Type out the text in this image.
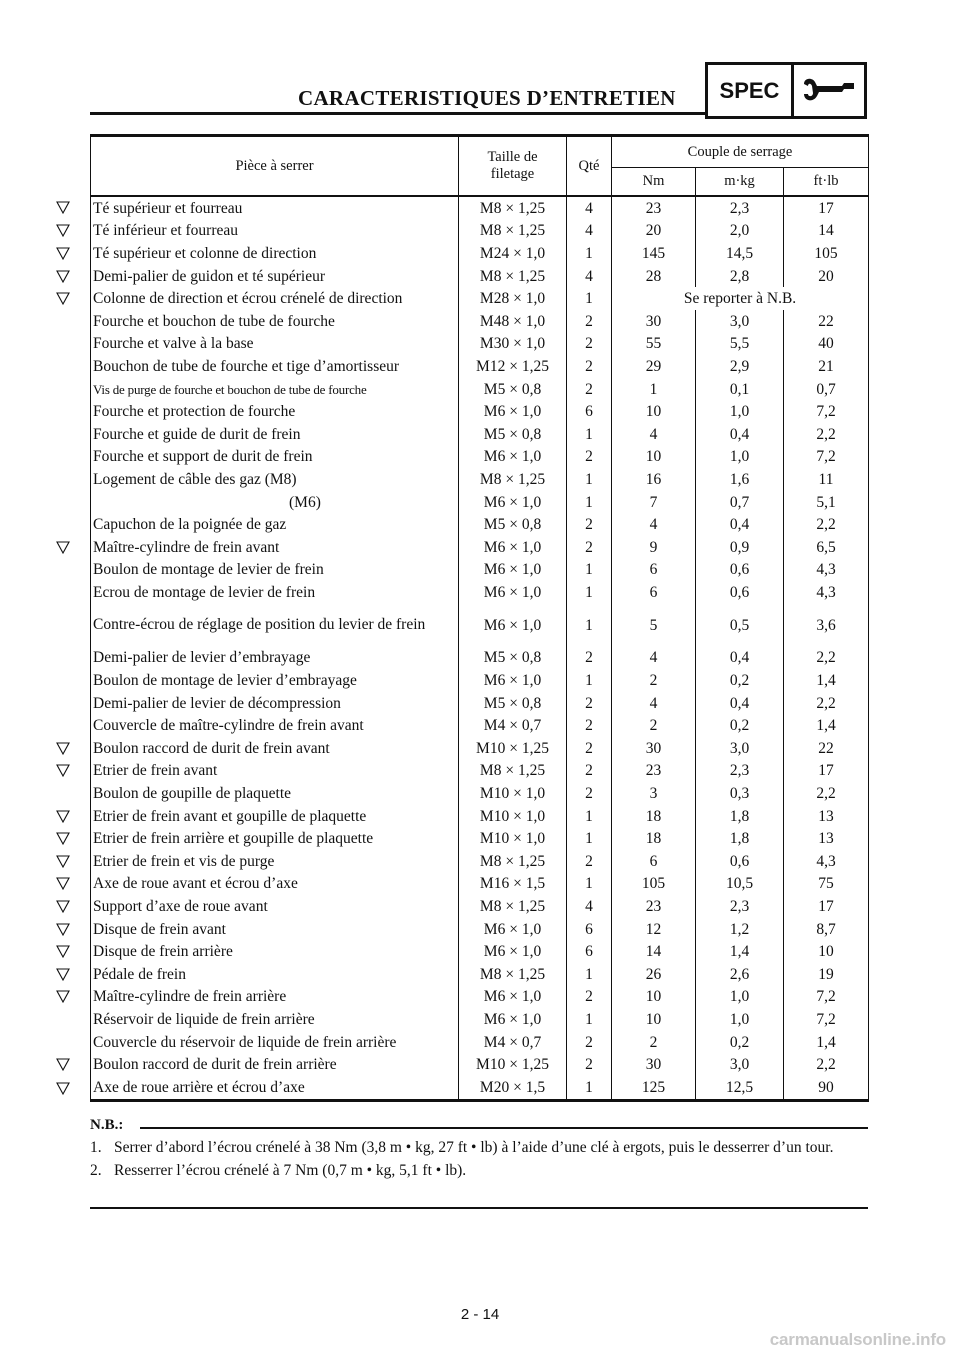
CARACTERISTIQUES D’ENTRETIEN	SPEC
Pièce à serrer	Taille de filetage	Qté	Couple de serrage		
			Nm	m·kg	ft·lb
Té supérieur et fourreau	M8 × 1,25	4	23	2,3	17
Té inférieur et fourreau	M8 × 1,25	4	20	2,0	14
Té supérieur et colonne de direction	M24 × 1,0	1	145	14,5	105
Demi-palier de guidon et té supérieur	M8 × 1,25	4	28	2,8	20
Colonne de direction et écrou crénelé de direction	M28 × 1,0	1	Se reporter à N.B.		
Fourche et bouchon de tube de fourche	M48 × 1,0	2	30	3,0	22
Fourche et valve à la base	M30 × 1,0	2	55	5,5	40
Bouchon de tube de fourche et tige d’amortisseur	M12 × 1,25	2	29	2,9	21
Vis de purge de fourche et bouchon de tube de fourche	M5 × 0,8	2	1	0,1	0,7
Fourche et protection de fourche	M6 × 1,0	6	10	1,0	7,2
Fourche et guide de durit de frein	M5 × 0,8	1	4	0,4	2,2
Fourche et support de durit de frein	M6 × 1,0	2	10	1,0	7,2
Logement de câble des gaz (M8)	M8 × 1,25	1	16	1,6	11
(M6)	M6 × 1,0	1	7	0,7	5,1
Capuchon de la poignée de gaz	M5 × 0,8	2	4	0,4	2,2
Maître-cylindre de frein avant	M6 × 1,0	2	9	0,9	6,5
Boulon de montage de levier de frein	M6 × 1,0	1	6	0,6	4,3
Ecrou de montage de levier de frein	M6 × 1,0	1	6	0,6	4,3
Contre-écrou de réglage de position du levier de frein	M6 × 1,0	1	5	0,5	3,6
Demi-palier de levier d’embrayage	M5 × 0,8	2	4	0,4	2,2
Boulon de montage de levier d’embrayage	M6 × 1,0	1	2	0,2	1,4
Demi-palier de levier de décompression	M5 × 0,8	2	4	0,4	2,2
Couvercle de maître-cylindre de frein avant	M4 × 0,7	2	2	0,2	1,4
Boulon raccord de durit de frein avant	M10 × 1,25	2	30	3,0	22
Etrier de frein avant	M8 × 1,25	2	23	2,3	17
Boulon de goupille de plaquette	M10 × 1,0	2	3	0,3	2,2
Etrier de frein avant et goupille de plaquette	M10 × 1,0	1	18	1,8	13
Etrier de frein arrière et goupille de plaquette	M10 × 1,0	1	18	1,8	13
Etrier de frein et vis de purge	M8 × 1,25	2	6	0,6	4,3
Axe de roue avant et écrou d’axe	M16 × 1,5	1	105	10,5	75
Support d’axe de roue avant	M8 × 1,25	4	23	2,3	17
Disque de frein avant	M6 × 1,0	6	12	1,2	8,7
Disque de frein arrière	M6 × 1,0	6	14	1,4	10
Pédale de frein	M8 × 1,25	1	26	2,6	19
Maître-cylindre de frein arrière	M6 × 1,0	2	10	1,0	7,2
Réservoir de liquide de frein arrière	M6 × 1,0	1	10	1,0	7,2
Couvercle du réservoir de liquide de frein arrière	M4 × 0,7	2	2	0,2	1,4
Boulon raccord de durit de frein arrière	M10 × 1,25	2	30	3,0	2,2
Axe de roue arrière et écrou d’axe	M20 × 1,5	1	125	12,5	90
N.B.:
1. Serrer d’abord l’écrou crénelé à 38 Nm (3,8 m • kg, 27 ft • lb) à l’aide d’une clé à ergots, puis le desserrer d’un tour.
2. Resserrer l’écrou crénelé à 7 Nm (0,7 m • kg, 5,1 ft • lb).
2 - 14
carmanualsonline.info
